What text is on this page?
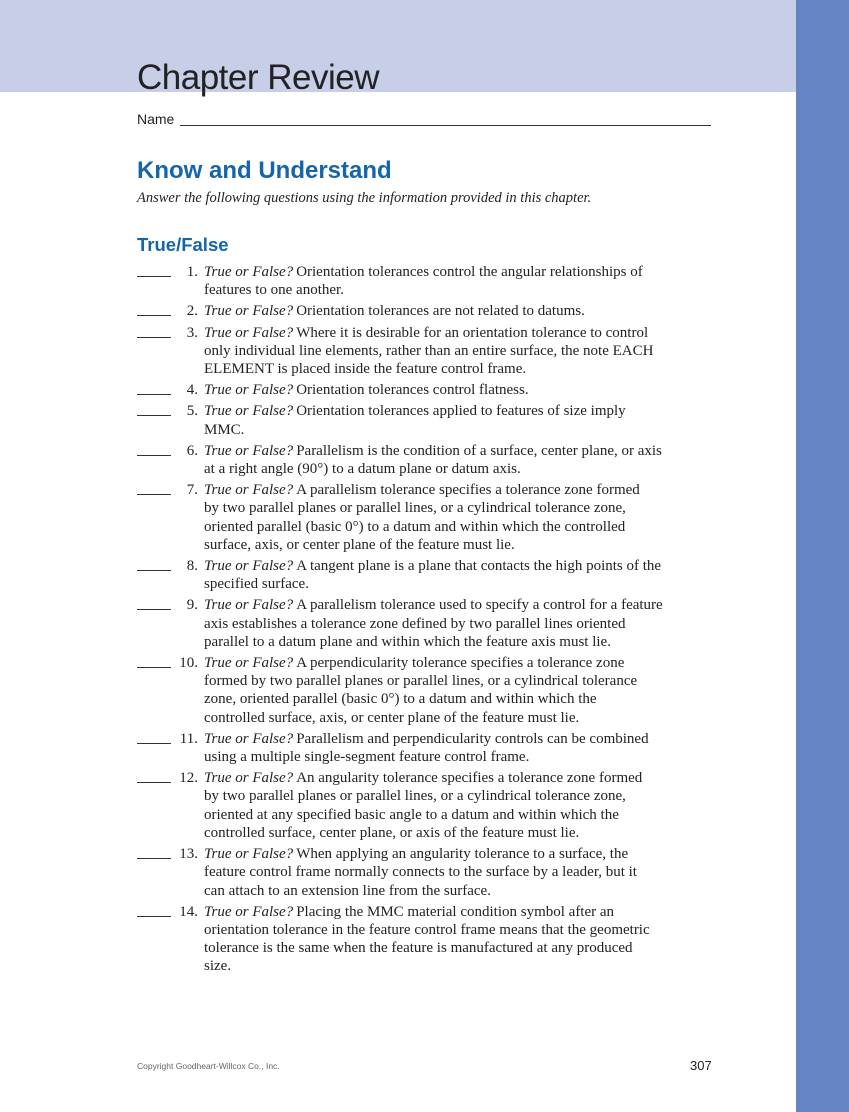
Chapter Review
Name
Know and Understand
Answer the following questions using the information provided in this chapter.
True/False
1. True or False? Orientation tolerances control the angular relationships of
features to one another.
2. True or False? Orientation tolerances are not related to datums.
3. True or False? Where it is desirable for an orientation tolerance to control
only individual line elements, rather than an entire surface, the note EACH
ELEMENT is placed inside the feature control frame.
4. True or False? Orientation tolerances control flatness.
5. True or False? Orientation tolerances applied to features of size imply
MMC.
6. True or False? Parallelism is the condition of a surface, center plane, or axis
at a right angle (90°) to a datum plane or datum axis.
7. True or False? A parallelism tolerance specifies a tolerance zone formed
by two parallel planes or parallel lines, or a cylindrical tolerance zone,
oriented parallel (basic 0°) to a datum and within which the controlled
surface, axis, or center plane of the feature must lie.
8. True or False? A tangent plane is a plane that contacts the high points of the
specified surface.
9. True or False? A parallelism tolerance used to specify a control for a feature
axis establishes a tolerance zone defined by two parallel lines oriented
parallel to a datum plane and within which the feature axis must lie.
10. True or False? A perpendicularity tolerance specifies a tolerance zone
formed by two parallel planes or parallel lines, or a cylindrical tolerance
zone, oriented parallel (basic 0°) to a datum and within which the
controlled surface, axis, or center plane of the feature must lie.
11. True or False? Parallelism and perpendicularity controls can be combined
using a multiple single-segment feature control frame.
12. True or False? An angularity tolerance specifies a tolerance zone formed
by two parallel planes or parallel lines, or a cylindrical tolerance zone,
oriented at any specified basic angle to a datum and within which the
controlled surface, center plane, or axis of the feature must lie.
13. True or False? When applying an angularity tolerance to a surface, the
feature control frame normally connects to the surface by a leader, but it
can attach to an extension line from the surface.
14. True or False? Placing the MMC material condition symbol after an
orientation tolerance in the feature control frame means that the geometric
tolerance is the same when the feature is manufactured at any produced
size.
Copyright Goodheart-Willcox Co., Inc.	307
